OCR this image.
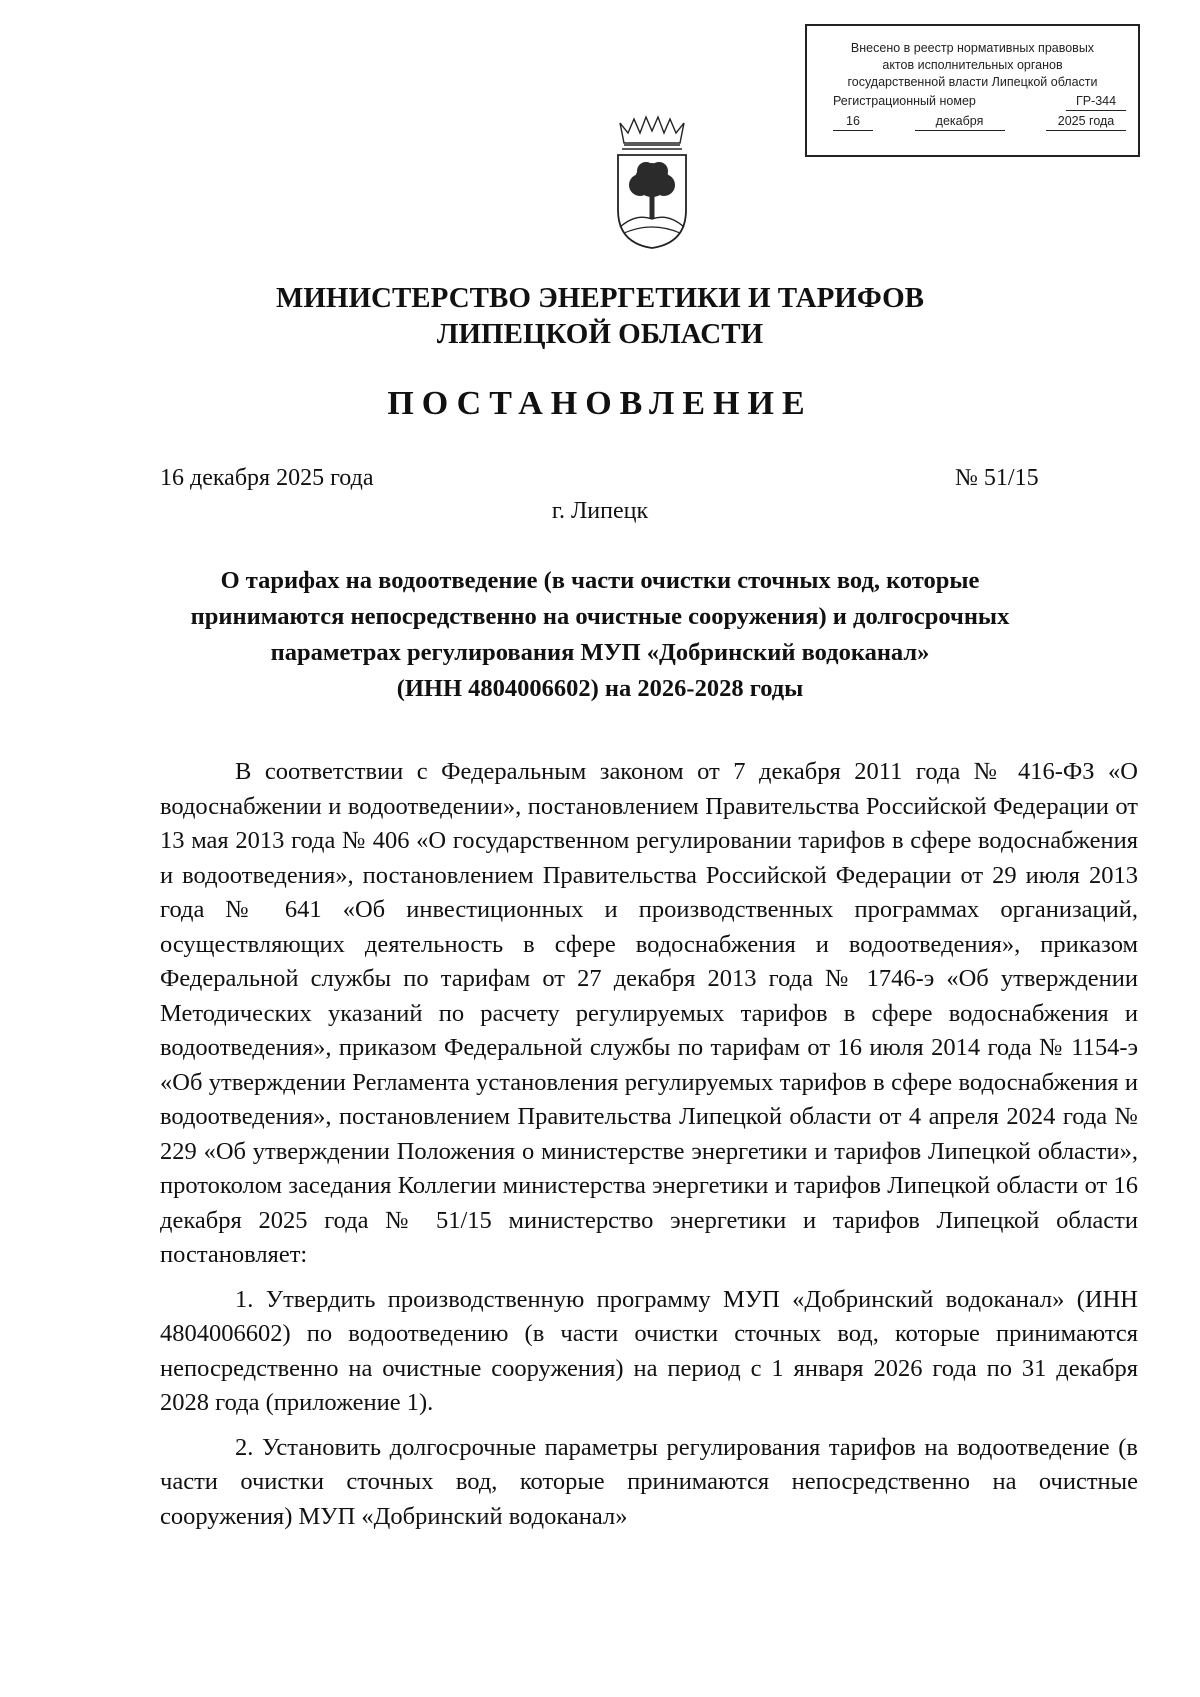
Внесено в реестр нормативных правовых
актов исполнительных органов
государственной власти Липецкой области
Регистрационный номер	ГР-344
16	декабря	2025 года
МИНИСТЕРСТВО ЭНЕРГЕТИКИ И ТАРИФОВ
ЛИПЕЦКОЙ ОБЛАСТИ
ПОСТАНОВЛЕНИЕ
16 декабря 2025 года	№ 51/15
г. Липецк
О тарифах на водоотведение (в части очистки сточных вод, которые
принимаются непосредственно на очистные сооружения) и долгосрочных
параметрах регулирования МУП «Добринский водоканал»
(ИНН 4804006602) на 2026-2028 годы

В соответствии с Федеральным законом от 7 декабря 2011 года № 416-ФЗ «О водоснабжении и водоотведении», постановлением Правительства Российской Федерации от 13 мая 2013 года № 406 «О государственном регулировании тарифов в сфере водоснабжения и водоотведения», постановлением Правительства Российской Федерации от 29 июля 2013 года № 641 «Об инвестиционных и производственных программах организаций, осуществляющих деятельность в сфере водоснабжения и водоотведения», приказом Федеральной службы по тарифам от 27 декабря 2013 года № 1746-э «Об утверждении Методических указаний по расчету регулируемых тарифов в сфере водоснабжения и водоотведения», приказом Федеральной службы по тарифам от 16 июля 2014 года № 1154-э «Об утверждении Регламента установления регулируемых тарифов в сфере водоснабжения и водоотведения», постановлением Правительства Липецкой области от 4 апреля 2024 года № 229 «Об утверждении Положения о министерстве энергетики и тарифов Липецкой области», протоколом заседания Коллегии министерства энергетики и тарифов Липецкой области от 16 декабря 2025 года № 51/15 министерство энергетики и тарифов Липецкой области постановляет:

1. Утвердить производственную программу МУП «Добринский водоканал» (ИНН 4804006602) по водоотведению (в части очистки сточных вод, которые принимаются непосредственно на очистные сооружения) на период с 1 января 2026 года по 31 декабря 2028 года (приложение 1).

2. Установить долгосрочные параметры регулирования тарифов на водоотведение (в части очистки сточных вод, которые принимаются непосредственно на очистные сооружения) МУП «Добринский водоканал»
